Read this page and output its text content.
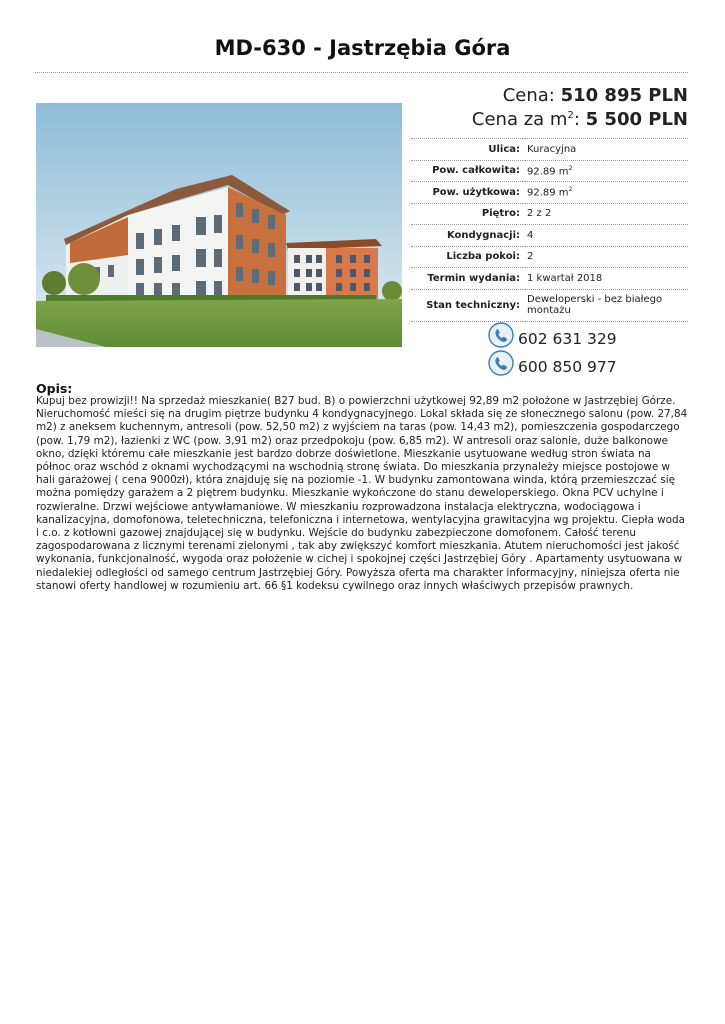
MD-630 - Jastrzębia Góra
Cena: 510 895 PLN
Cena za $m^2$: 5 500 PLN
Ulica:	Kuracyjna
Pow. całkowita:	92.89 $m^2$
Pow. użytkowa:	92.89 $m^2$
Piętro:	2 z 2
Kondygnacji:	4
Liczba pokoi:	2
Termin wydania:	1 kwartał 2018
Stan techniczny:	Deweloperski - bez białego montażu
602 631 329
600 850 977
Opis:
Kupuj bez prowizji!! Na sprzedaż mieszkanie( B27 bud. B) o powierzchni użytkowej 92,89 m2 położone w Jastrzębiej Górze. Nieruchomość mieści się na drugim piętrze budynku 4 kondygnacyjnego. Lokal składa się ze słonecznego salonu (pow. 27,84 m2) z aneksem kuchennym, antresoli (pow. 52,50 m2) z wyjściem na taras (pow. 14,43 m2), pomieszczenia gospodarczego (pow. 1,79 m2), łazienki z WC (pow. 3,91 m2) oraz przedpokoju (pow. 6,85 m2). W antresoli oraz salonie, duże balkonowe okno, dzięki któremu całe mieszkanie jest bardzo dobrze doświetlone. Mieszkanie usytuowane według stron świata na północ oraz wschód z oknami wychodzącymi na wschodnią stronę świata. Do mieszkania przynależy miejsce postojowe w hali garażowej ( cena 9000zł), która znajduję się na poziomie -1. W budynku zamontowana winda, którą przemieszczać się można pomiędzy garażem a 2 piętrem budynku. Mieszkanie wykończone do stanu deweloperskiego. Okna PCV uchylne i rozwieralne. Drzwi wejściowe antywłamaniowe. W mieszkaniu rozprowadzona instalacja elektryczna, wodociągowa i kanalizacyjna, domofonowa, teletechniczna, telefoniczna i internetowa, wentylacyjna grawitacyjna wg projektu. Ciepła woda i c.o. z kotłowni gazowej znajdującej się w budynku. Wejście do budynku zabezpieczone domofonem. Całość terenu zagospodarowana z licznymi terenami zielonymi , tak aby zwiększyć komfort mieszkania. Atutem nieruchomości jest jakość wykonania, funkcjonalność, wygoda oraz położenie w cichej i spokojnej części Jastrzębiej Góry . Apartamenty usytuowana w niedalekiej odległości od samego centrum Jastrzębiej Góry. Powyższa oferta ma charakter informacyjny, niniejsza oferta nie stanowi oferty handlowej w rozumieniu art. 66 §1 kodeksu cywilnego oraz innych właściwych przepisów prawnych.
